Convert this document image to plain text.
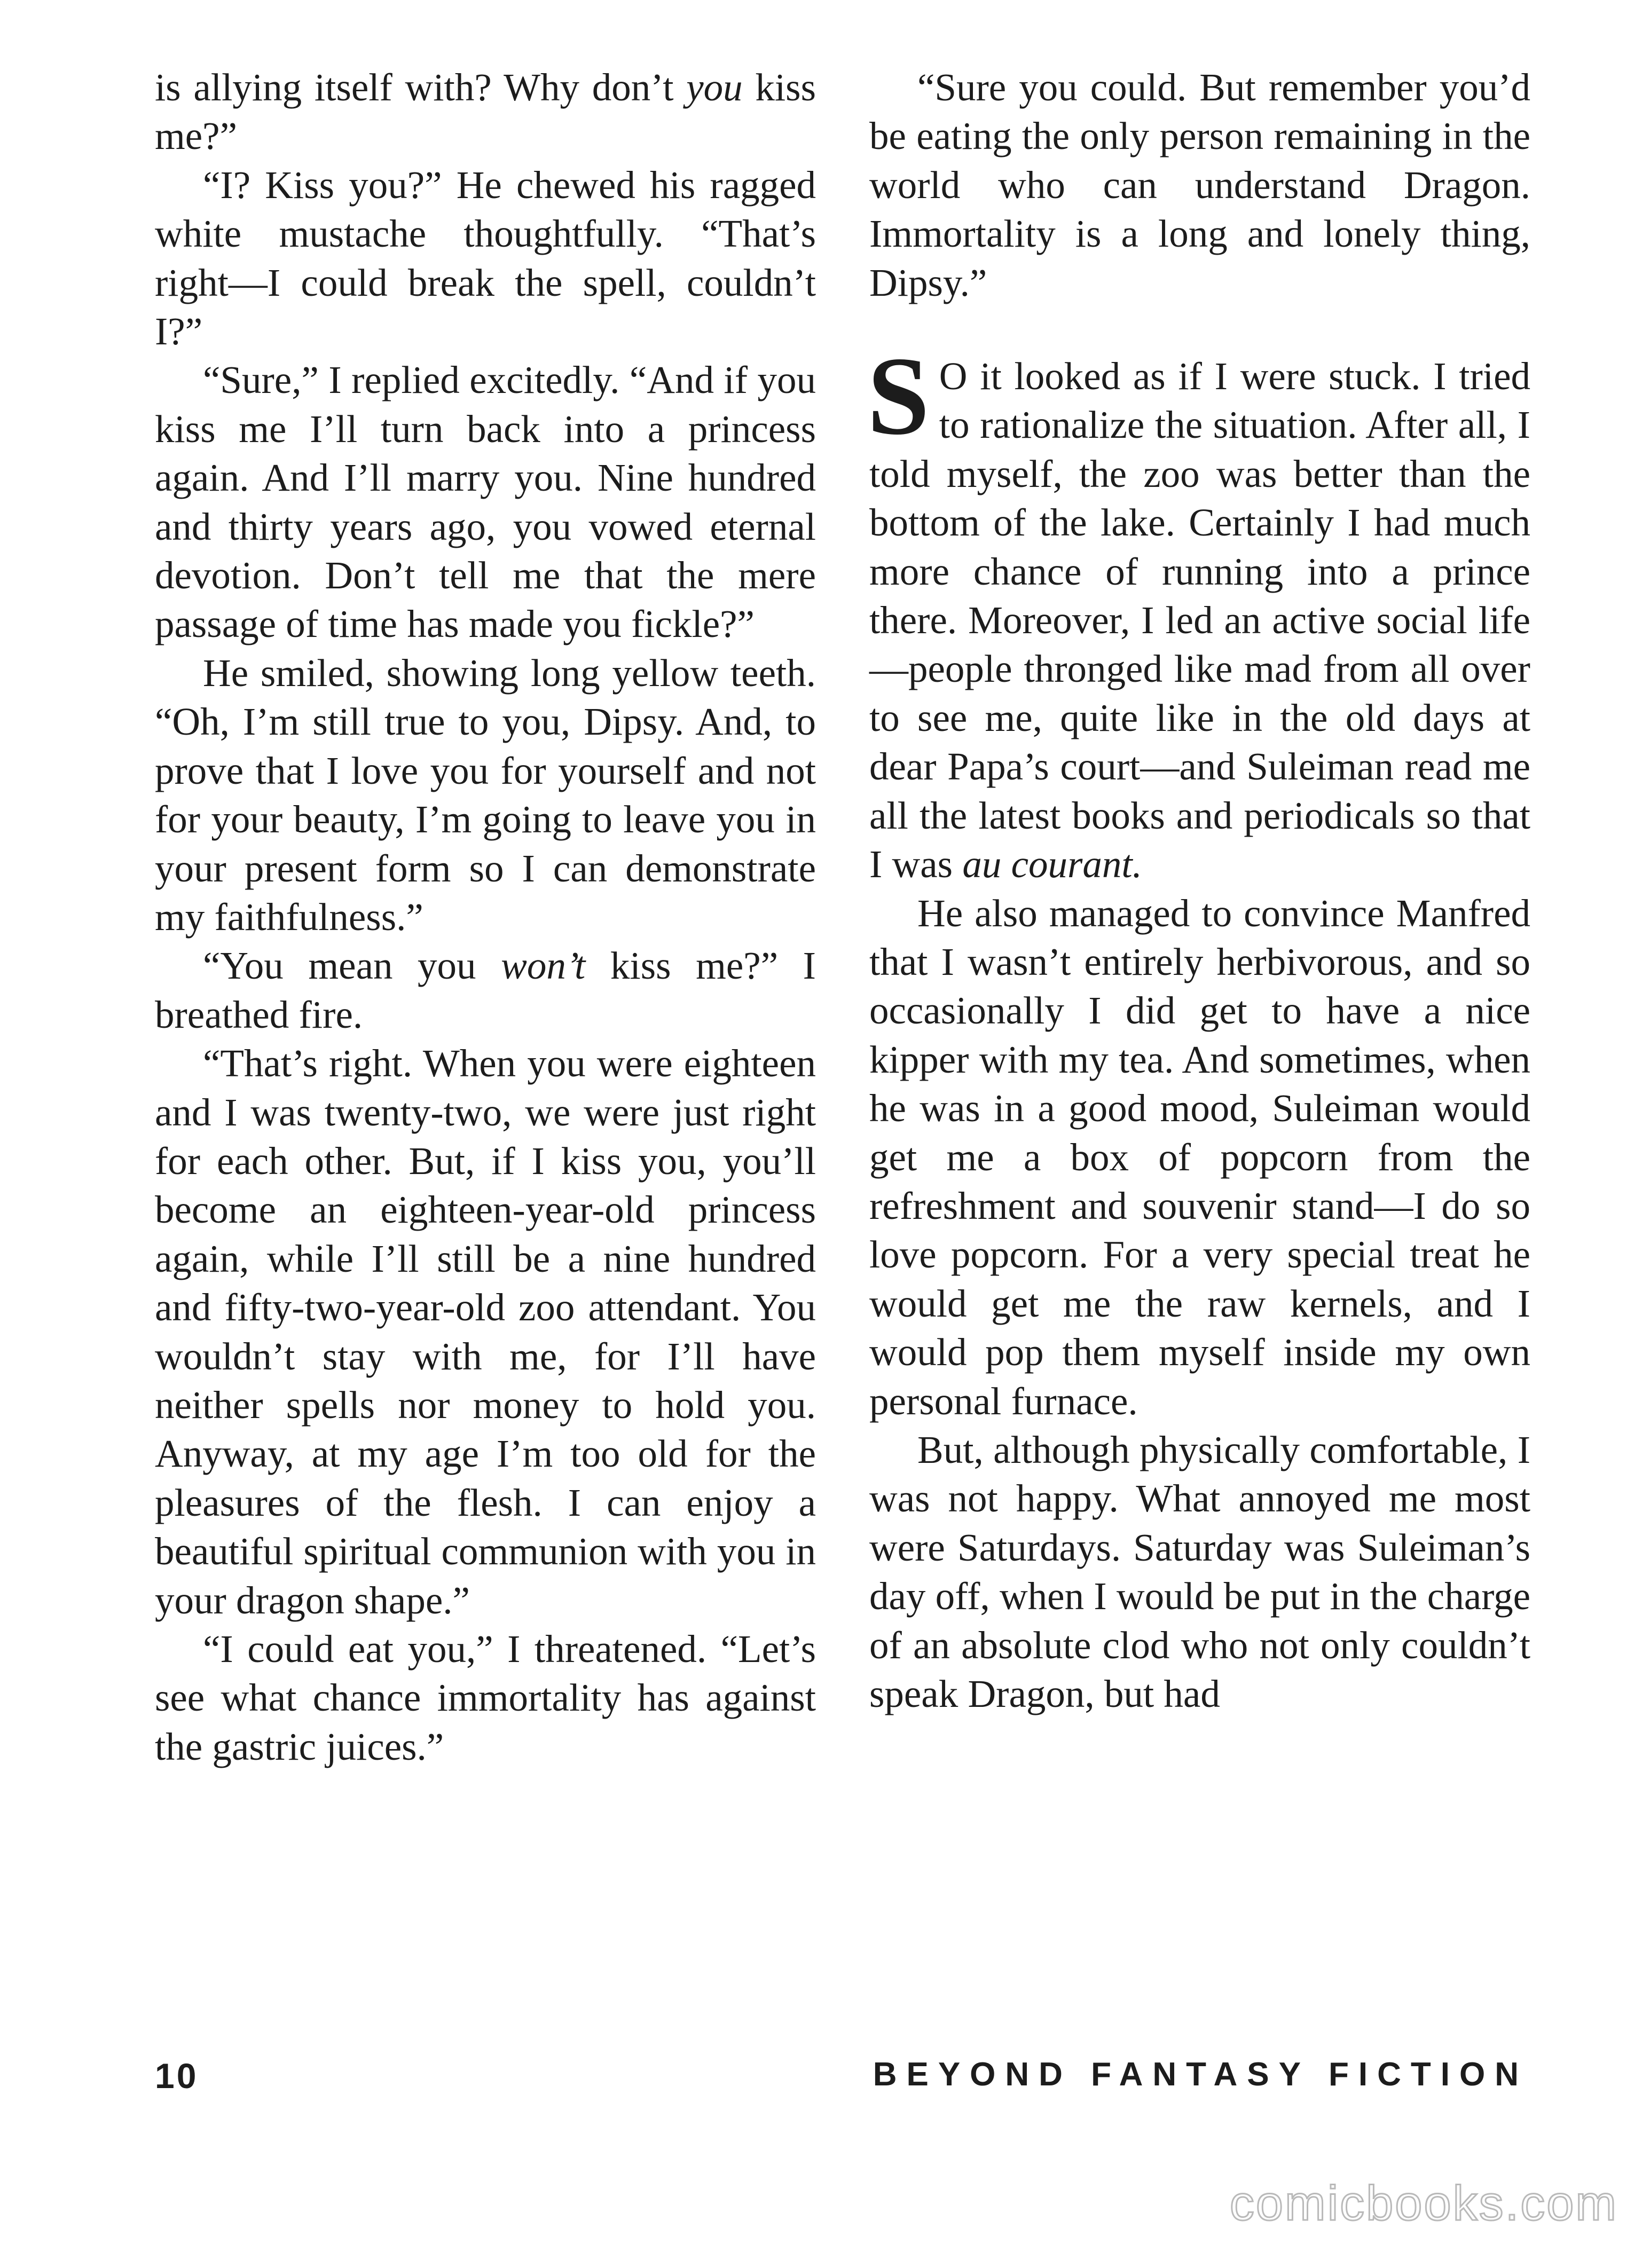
is allying itself with? Why don’t you kiss me?”

“I? Kiss you?” He chewed his ragged white mustache thoughtfully. “That’s right—I could break the spell, couldn’t I?”

“Sure,” I replied excitedly. “And if you kiss me I’ll turn back into a princess again. And I’ll marry you. Nine hundred and thirty years ago, you vowed eternal devotion. Don’t tell me that the mere passage of time has made you fickle?”

He smiled, showing long yellow teeth. “Oh, I’m still true to you, Dipsy. And, to prove that I love you for yourself and not for your beauty, I’m going to leave you in your present form so I can demonstrate my faithfulness.”

“You mean you won’t kiss me?” I breathed fire.

“That’s right. When you were eighteen and I was twenty-two, we were just right for each other. But, if I kiss you, you’ll become an eighteen-year-old princess again, while I’ll still be a nine hundred and fifty-two-year-old zoo attendant. You wouldn’t stay with me, for I’ll have neither spells nor money to hold you. Anyway, at my age I’m too old for the pleasures of the flesh. I can enjoy a beautiful spiritual communion with you in your dragon shape.”

“I could eat you,” I threatened. “Let’s see what chance immortality has against the gastric juices.”

“Sure you could. But remember you’d be eating the only person remaining in the world who can understand Dragon. Immortality is a long and lonely thing, Dipsy.”

S O it looked as if I were stuck. I tried to rationalize the situation. After all, I told myself, the zoo was better than the bottom of the lake. Certainly I had much more chance of running into a prince there. Moreover, I led an active social life—people thronged like mad from all over to see me, quite like in the old days at dear Papa’s court—and Suleiman read me all the latest books and periodicals so that I was au courant.

He also managed to convince Manfred that I wasn’t entirely herbivorous, and so occasionally I did get to have a nice kipper with my tea. And sometimes, when he was in a good mood, Suleiman would get me a box of popcorn from the refreshment and souvenir stand—I do so love popcorn. For a very special treat he would get me the raw kernels, and I would pop them myself inside my own personal furnace.

But, although physically comfortable, I was not happy. What annoyed me most were Saturdays. Saturday was Suleiman’s day off, when I would be put in the charge of an absolute clod who not only couldn’t speak Dragon, but had

10	BEYOND FANTASY FICTION
comicbooks.com
